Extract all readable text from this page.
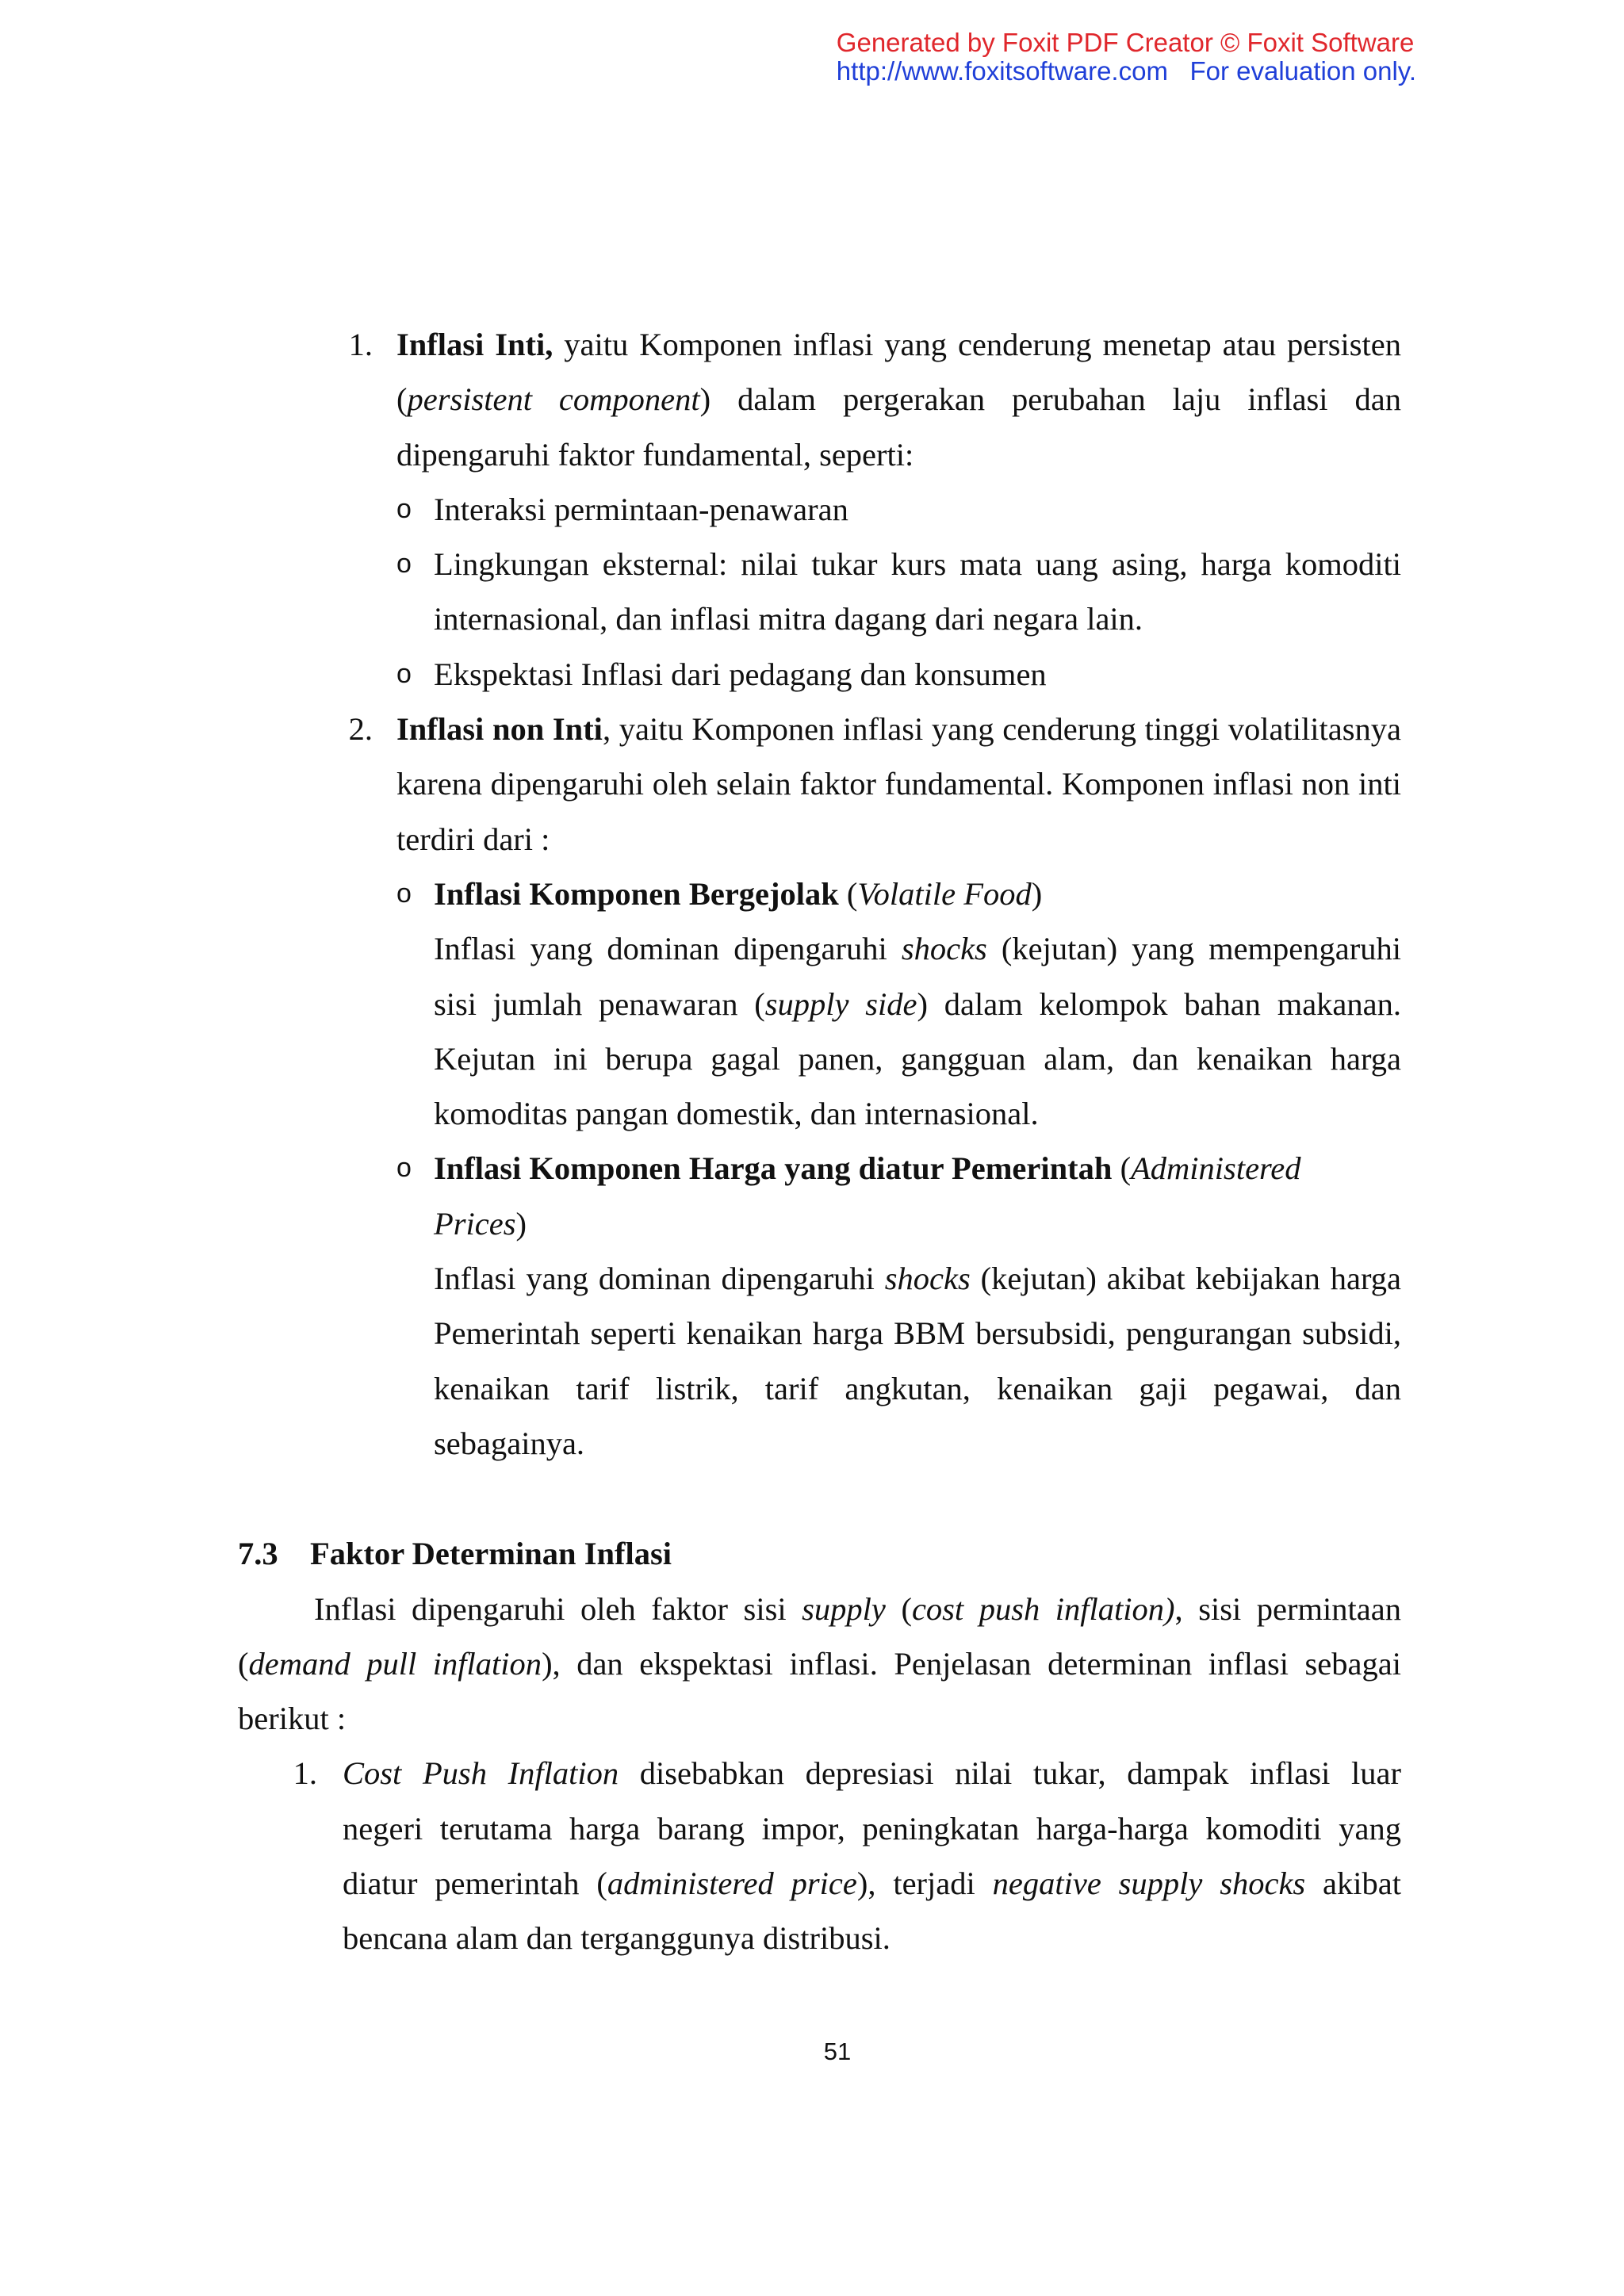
Generated by Foxit PDF Creator © Foxit Software
http://www.foxitsoftware.com For evaluation only.
1. Inflasi Inti, yaitu Komponen inflasi yang cenderung menetap atau persisten

(persistent component) dalam pergerakan perubahan laju inflasi dan

dipengaruhi faktor fundamental, seperti:

o Interaksi permintaan-penawaran

o Lingkungan eksternal: nilai tukar kurs mata uang asing, harga komoditi

internasional, dan inflasi mitra dagang dari negara lain.

o Ekspektasi Inflasi dari pedagang dan konsumen

2. Inflasi non Inti, yaitu Komponen inflasi yang cenderung tinggi volatilitasnya

karena dipengaruhi oleh selain faktor fundamental. Komponen inflasi non inti

terdiri dari :

o Inflasi Komponen Bergejolak (Volatile Food)

Inflasi yang dominan dipengaruhi shocks (kejutan) yang mempengaruhi

sisi jumlah penawaran (supply side) dalam kelompok bahan makanan.

Kejutan ini berupa gagal panen, gangguan alam, dan kenaikan harga

komoditas pangan domestik, dan internasional.

o Inflasi Komponen Harga yang diatur Pemerintah (Administered Prices)

Inflasi yang dominan dipengaruhi shocks (kejutan) akibat kebijakan harga

Pemerintah seperti kenaikan harga BBM bersubsidi, pengurangan subsidi,

kenaikan tarif listrik, tarif angkutan, kenaikan gaji pegawai, dan

sebagainya.

7.3 Faktor Determinan Inflasi

Inflasi dipengaruhi oleh faktor sisi supply (cost push inflation), sisi permintaan

(demand pull inflation), dan ekspektasi inflasi. Penjelasan determinan inflasi sebagai

berikut :

1. Cost Push Inflation disebabkan depresiasi nilai tukar, dampak inflasi luar

negeri terutama harga barang impor, peningkatan harga-harga komoditi yang

diatur pemerintah (administered price), terjadi negative supply shocks akibat

bencana alam dan terganggunya distribusi.

51
